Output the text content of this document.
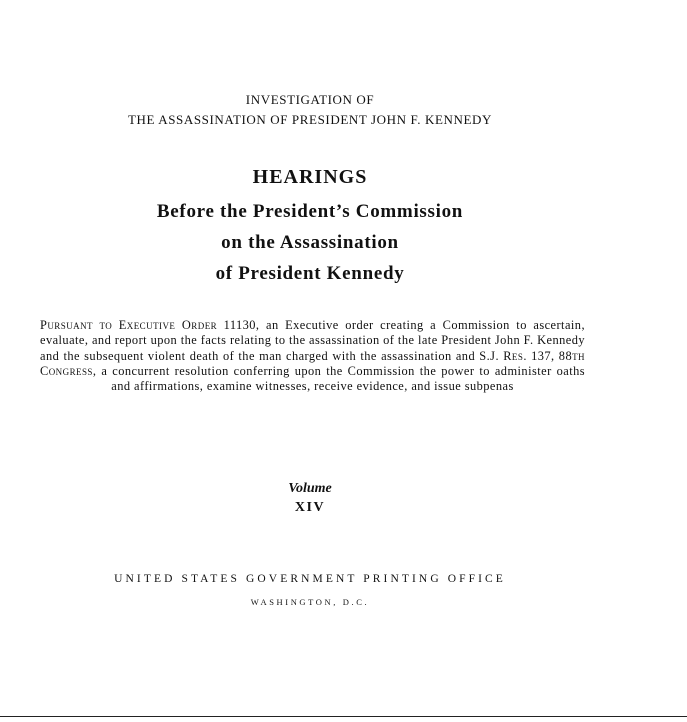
INVESTIGATION OF
THE ASSASSINATION OF PRESIDENT JOHN F. KENNEDY
HEARINGS
Before the President’s Commission
on the Assassination
of President Kennedy
Pursuant to Executive Order 11130, an Executive order creating a Commission to ascertain, evaluate, and report upon the facts relating to the assassination of the late President John F. Kennedy and the subsequent violent death of the man charged with the assassination and S.J. Res. 137, 88th Congress, a concurrent resolution conferring upon the Commission the power to administer oaths and affirmations, examine witnesses, receive evidence, and issue subpenas
Volume
XIV
UNITED STATES GOVERNMENT PRINTING OFFICE
WASHINGTON, D.C.
